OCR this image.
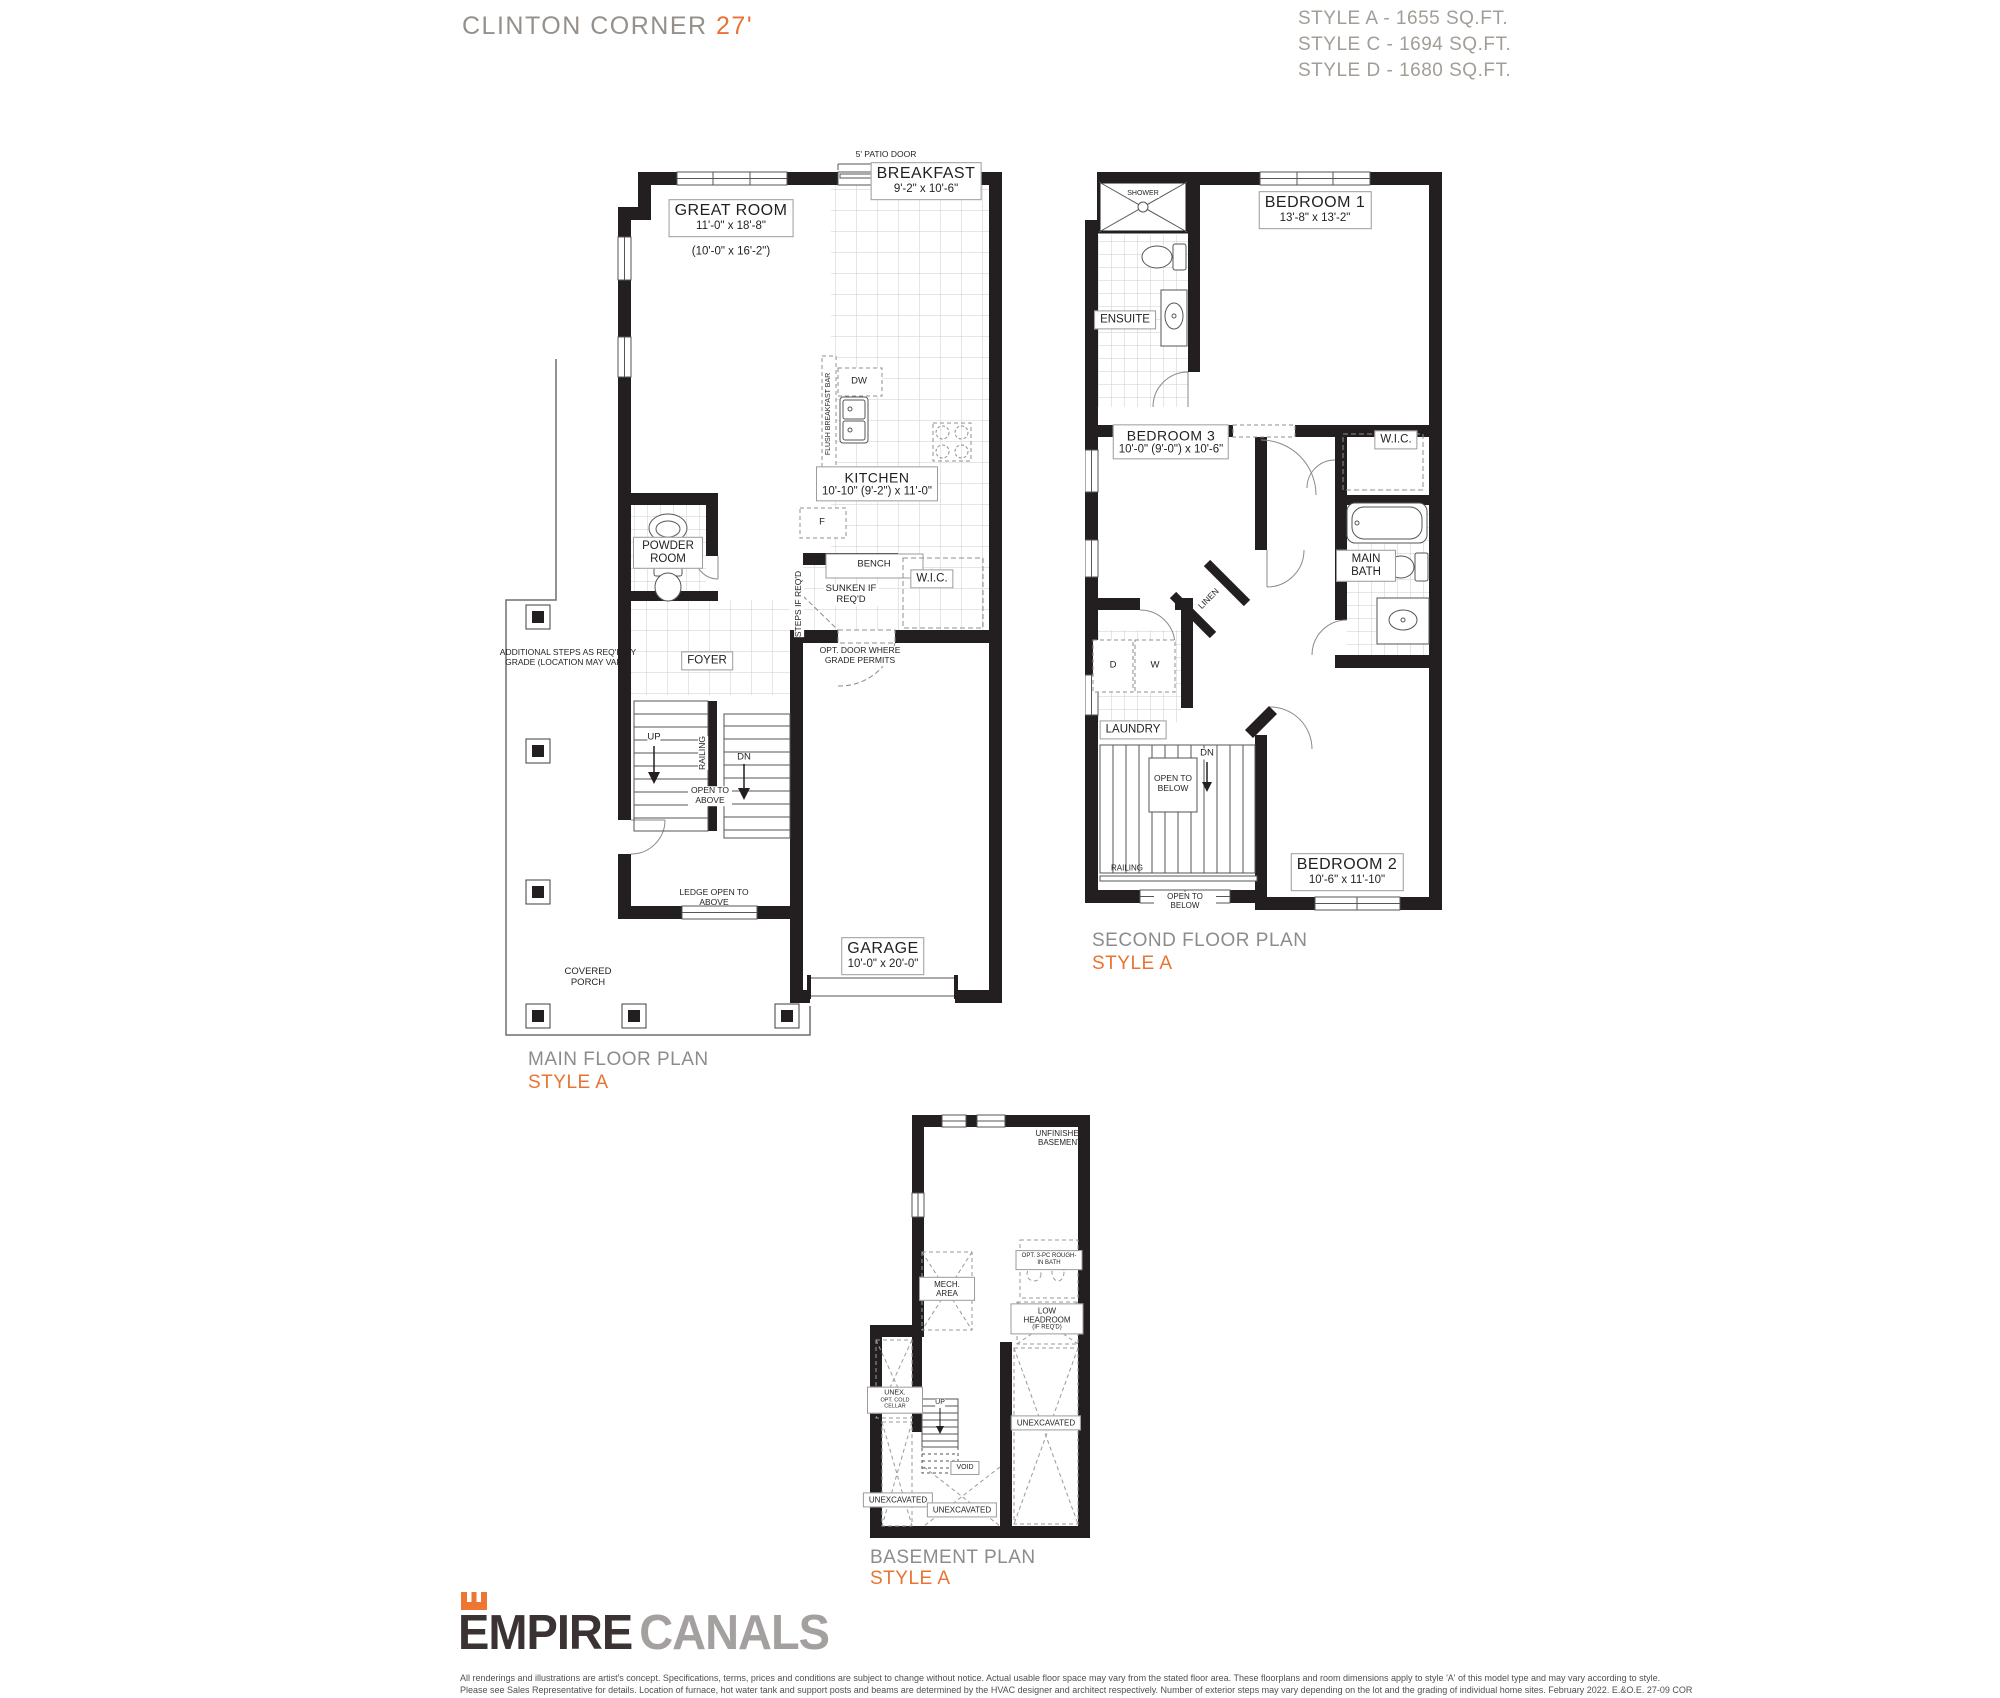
CLINTON CORNER 27'	STYLE A - 1655 SQ.FT.
STYLE C - 1694 SQ.FT.
STYLE D - 1680 SQ.FT.
5' PATIO DOOR
GREAT ROOM
11'-0" x 18'-8"
(10'-0" x 16'-2")
BREAKFAST
9'-2" x 10'-6"
FLUSH BREAKFAST BAR DW
KITCHEN
10'-10" (9'-2") x 11'-0"
F
POWDER ROOM	BENCH
STEPS IF REQ'D SUNKEN IF REQ'D
W.I.C.
OPT. DOOR WHERE GRADE PERMITS
ADDITIONAL STEPS AS REQ'D BY GRADE (LOCATION MAY VARY)	FOYER
UP	RAILING	DN
OPEN TO ABOVE
LEDGE OPEN TO ABOVE
COVERED PORCH
GARAGE
10'-0" x 20'-0"
MAIN FLOOR PLAN
STYLE A
SHOWER
BEDROOM 1
13'-8" x 13'-2"
ENSUITE
BEDROOM 3
10'-0" (9'-0") x 10'-6"
W.I.C.
MAIN BATH
LINEN
D	W
LAUNDRY
DN
OPEN TO BELOW
RAILING
OPEN TO BELOW
BEDROOM 2
10'-6" x 11'-10"
SECOND FLOOR PLAN
STYLE A
UNFINISHED BASEMENT
MECH. AREA
OPT. 3-PC ROUGH-IN BATH
LOW HEADROOM
(IF REQ'D)
UNEX.
OPT. COLD CELLAR
UP
VOID
UNEXCAVATED
UNEXCAVATED
UNEXCAVATED
BASEMENT PLAN
STYLE A
EMPIRE CANALS
All renderings and illustrations are artist's concept. Specifications, terms, prices and conditions are subject to change without notice. Actual usable floor space may vary from the stated floor area. These floorplans and room dimensions apply to style 'A' of this model type and may vary according to style.
Please see Sales Representative for details. Location of furnace, hot water tank and support posts and beams are determined by the HVAC designer and architect respectively. Number of exterior steps may vary depending on the lot and the grading of individual home sites. February 2022. E.&O.E. 27-09 COR
